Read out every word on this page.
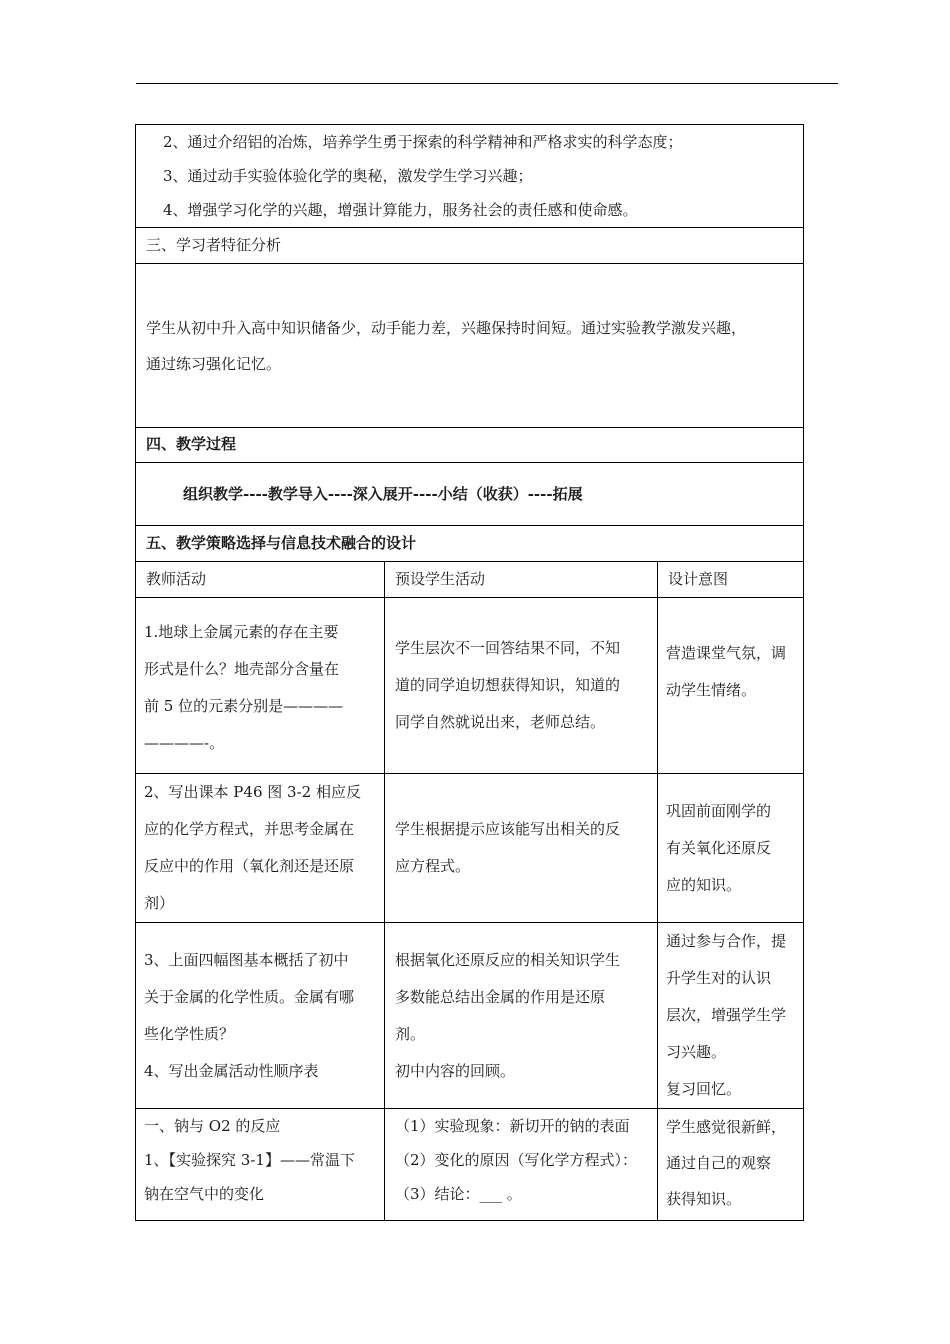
2、通过介绍铝的冶炼，培养学生勇于探索的科学精神和严格求实的科学态度；
3、通过动手实验体验化学的奥秘，激发学生学习兴趣；
4、增强学习化学的兴趣，增强计算能力，服务社会的责任感和使命感。		

三、学习者特征分析		

学生从初中升入高中知识储备少，动手能力差，兴趣保持时间短。通过实验教学激发兴趣，
通过练习强化记忆。		

四、教学过程		
组织教学----教学导入----深入展开----小结（收获）----拓展		
五、教学策略选择与信息技术融合的设计		
教师活动	预设学生活动	设计意图

1.地球上金属元素的存在主要
形式是什么？地壳部分含量在
前 5 位的元素分别是————
————-。	学生层次不一回答结果不同，不知
道的同学迫切想获得知识，知道的
同学自然就说出来，老师总结。	营造课堂气氛，调
动学生情绪。

2、写出课本 P46 图 3-2 相应反
应的化学方程式，并思考金属在
反应中的作用（氧化剂还是还原
剂）	学生根据提示应该能写出相关的反
应方程式。	巩固前面刚学的
有关氧化还原反
应的知识。

3、上面四幅图基本概括了初中
关于金属的化学性质。金属有哪
些化学性质？
4、写出金属活动性顺序表	根据氧化还原反应的相关知识学生
多数能总结出金属的作用是还原
剂。
初中内容的回顾。	通过参与合作，提
升学生对的认识
层次，增强学生学
习兴趣。
复习回忆。

一、钠与 O2 的反应
1、【实验探究 3-1】——常温下
钠在空气中的变化	（1）实验现象：新切开的钠的表面
（2）变化的原因（写化学方程式）：
（3）结论：___ 。	学生感觉很新鲜，
通过自己的观察
获得知识。
